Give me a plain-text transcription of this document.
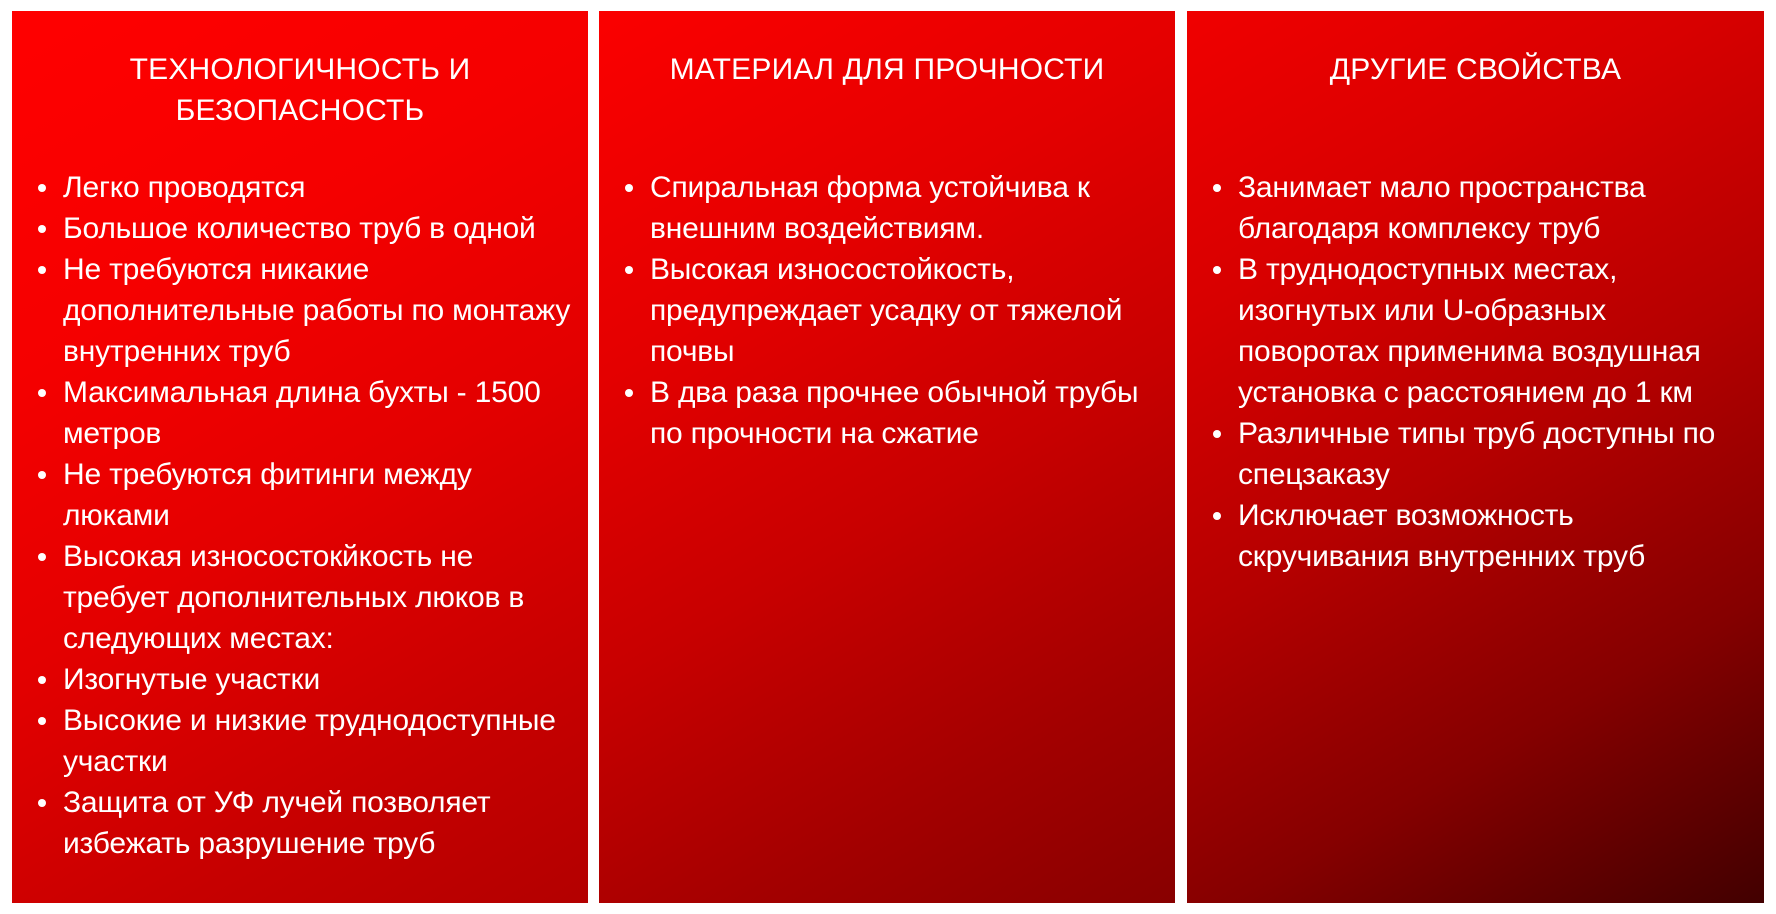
ТЕХНОЛОГИЧНОСТЬ И БЕЗОПАСНОСТЬ
Легко проводятся
Большое количество труб в одной
Не требуются никакие дополнительные работы по монтажу внутренних труб
Максимальная длина бухты - 1500 метров
Не требуются фитинги между люками
Высокая износостокйкость не требует дополнительных люков в следующих местах:
Изогнутые участки
Высокие и низкие труднодоступные участки
Защита от УФ лучей позволяет избежать разрушение труб
МАТЕРИАЛ ДЛЯ ПРОЧНОСТИ
Спиральная форма устойчива к внешним воздействиям.
Высокая износостойкость, предупреждает усадку от тяжелой почвы
В два раза прочнее обычной трубы по прочности на сжатие
ДРУГИЕ СВОЙСТВА
Занимает мало пространства благодаря комплексу труб
В труднодоступных местах, изогнутых или U-образных поворотах применима воздушная установка с расстоянием до 1 км
Различные типы труб доступны по спецзаказу
Исключает возможность скручивания внутренних труб
